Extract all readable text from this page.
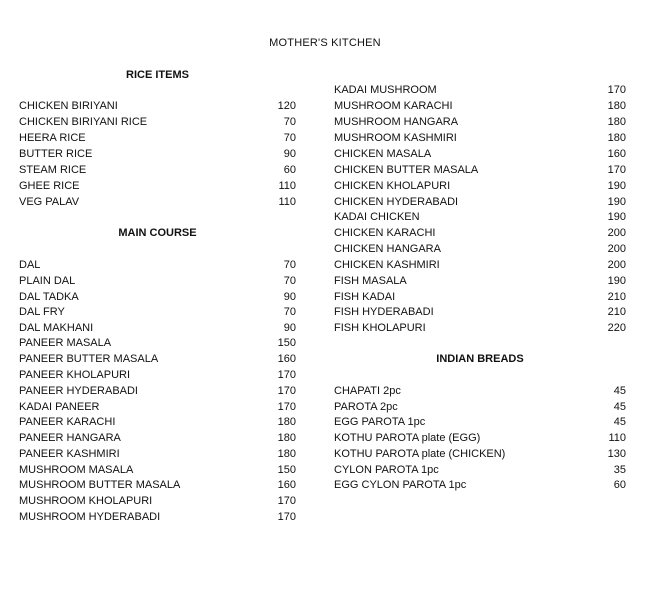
MOTHER'S KITCHEN
RICE ITEMS
CHICKEN BIRIYANI	120
CHICKEN BIRIYANI RICE	70
HEERA RICE	70
BUTTER RICE	90
STEAM RICE	60
GHEE RICE	110
VEG PALAV	110
MAIN COURSE
DAL	70
PLAIN DAL	70
DAL TADKA	90
DAL FRY	70
DAL MAKHANI	90
PANEER MASALA	150
PANEER BUTTER MASALA	160
PANEER KHOLAPURI	170
PANEER HYDERABADI	170
KADAI PANEER	170
PANEER KARACHI	180
PANEER HANGARA	180
PANEER KASHMIRI	180
MUSHROOM MASALA	150
MUSHROOM BUTTER MASALA	160
MUSHROOM KHOLAPURI	170
MUSHROOM HYDERABADI	170
KADAI MUSHROOM	170
MUSHROOM KARACHI	180
MUSHROOM HANGARA	180
MUSHROOM KASHMIRI	180
CHICKEN MASALA	160
CHICKEN BUTTER MASALA	170
CHICKEN KHOLAPURI	190
CHICKEN HYDERABADI	190
KADAI CHICKEN	190
CHICKEN KARACHI	200
CHICKEN HANGARA	200
CHICKEN KASHMIRI	200
FISH MASALA	190
FISH KADAI	210
FISH HYDERABADI	210
FISH KHOLAPURI	220
INDIAN BREADS
CHAPATI 2pc	45
PAROTA 2pc	45
EGG PAROTA 1pc	45
KOTHU PAROTA plate (EGG)	110
KOTHU PAROTA plate (CHICKEN)	130
CYLON PAROTA 1pc	35
EGG CYLON PAROTA 1pc	60
